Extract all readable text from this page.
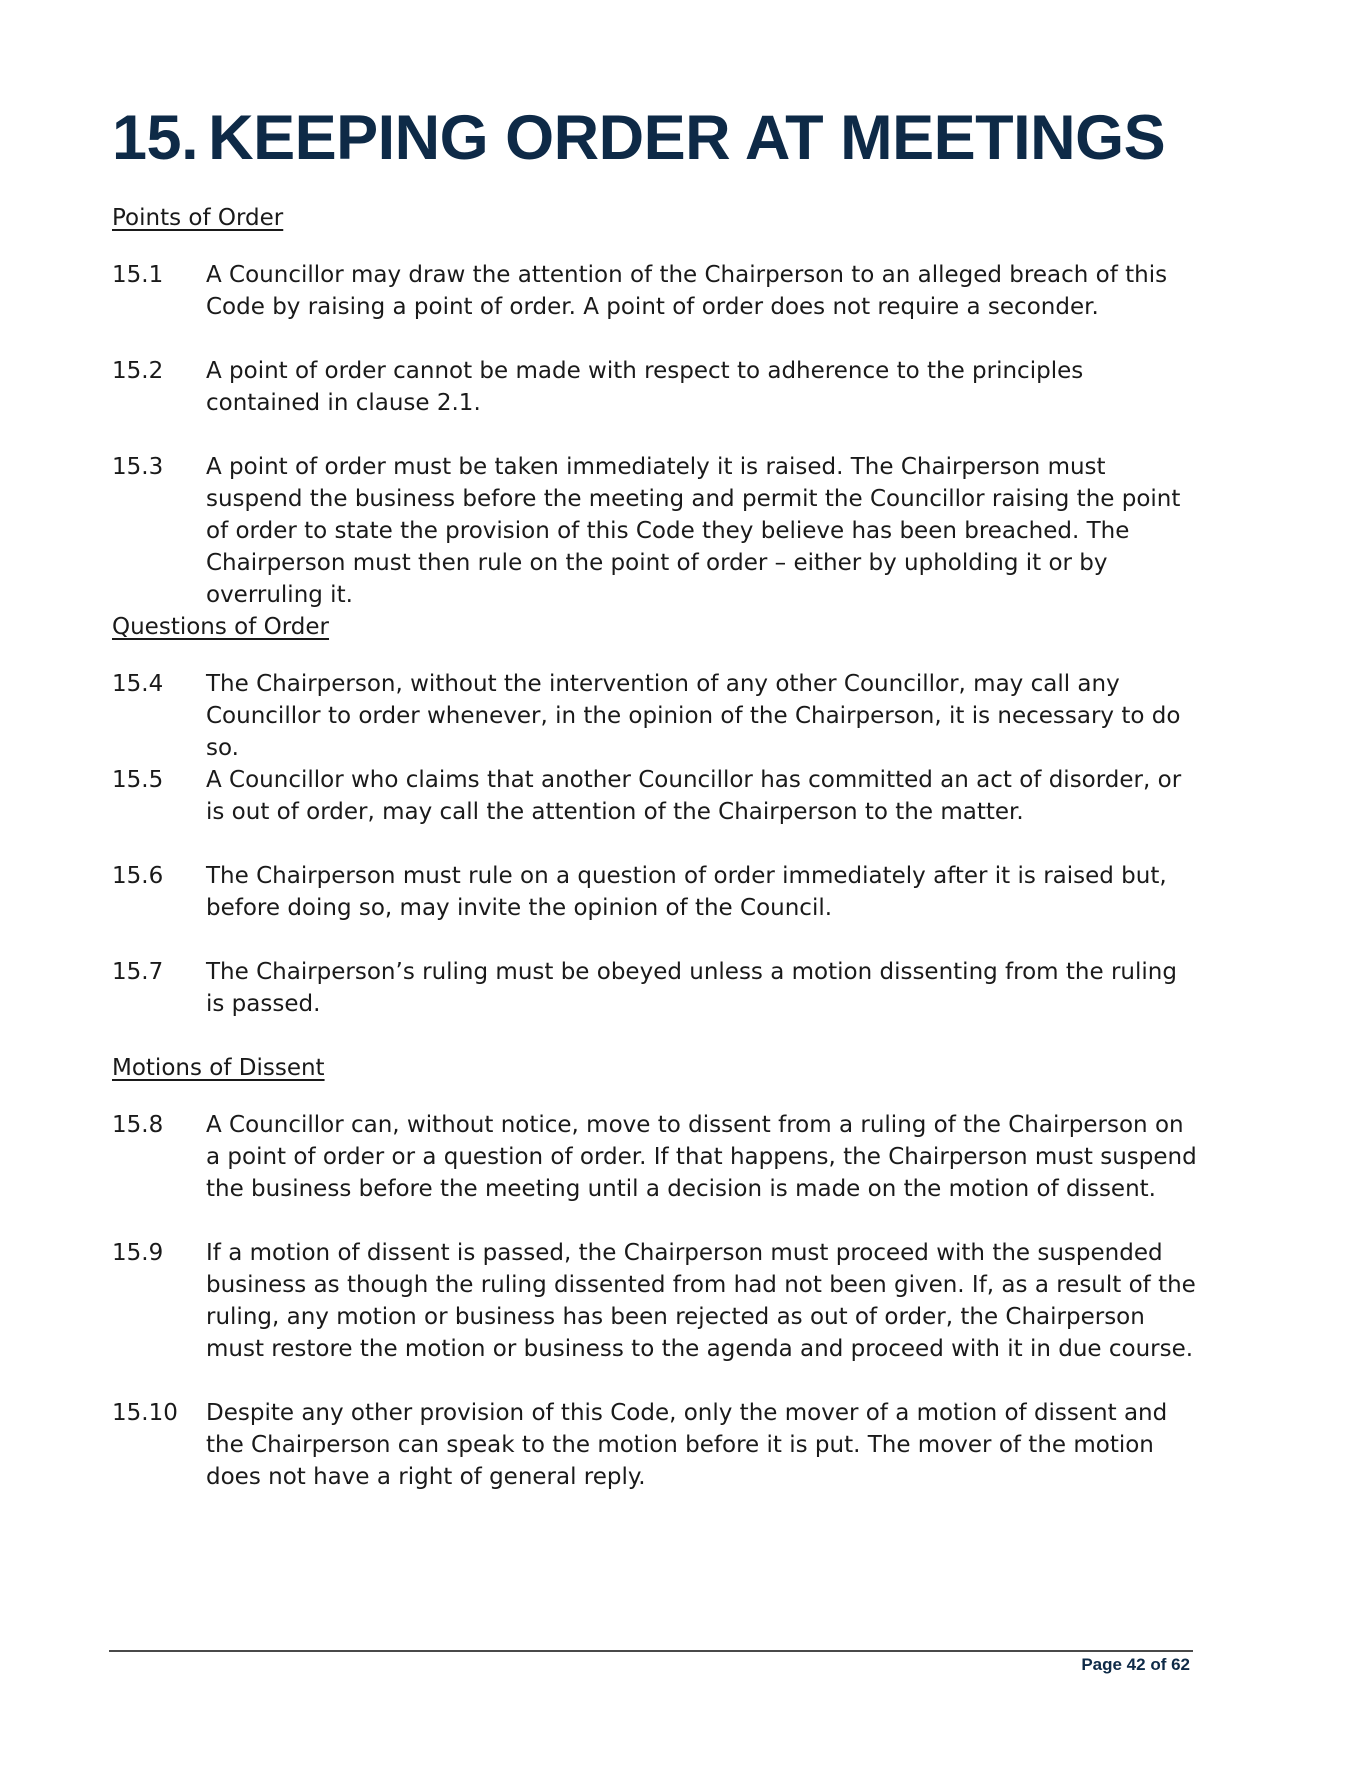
15. KEEPING ORDER AT MEETINGS
Points of Order
15.1	A Councillor may draw the attention of the Chairperson to an alleged breach of this Code by raising a point of order. A point of order does not require a seconder.
15.2	A point of order cannot be made with respect to adherence to the principles contained in clause 2.1.
15.3	A point of order must be taken immediately it is raised. The Chairperson must suspend the business before the meeting and permit the Councillor raising the point of order to state the provision of this Code they believe has been breached. The Chairperson must then rule on the point of order – either by upholding it or by overruling it.
Questions of Order
15.4	The Chairperson, without the intervention of any other Councillor, may call any Councillor to order whenever, in the opinion of the Chairperson, it is necessary to do so.
15.5	A Councillor who claims that another Councillor has committed an act of disorder, or is out of order, may call the attention of the Chairperson to the matter.
15.6	The Chairperson must rule on a question of order immediately after it is raised but, before doing so, may invite the opinion of the Council.
15.7	The Chairperson’s ruling must be obeyed unless a motion dissenting from the ruling is passed.
Motions of Dissent
15.8	A Councillor can, without notice, move to dissent from a ruling of the Chairperson on a point of order or a question of order. If that happens, the Chairperson must suspend the business before the meeting until a decision is made on the motion of dissent.
15.9	If a motion of dissent is passed, the Chairperson must proceed with the suspended business as though the ruling dissented from had not been given. If, as a result of the ruling, any motion or business has been rejected as out of order, the Chairperson must restore the motion or business to the agenda and proceed with it in due course.
15.10	Despite any other provision of this Code, only the mover of a motion of dissent and the Chairperson can speak to the motion before it is put. The mover of the motion does not have a right of general reply.
Page 42 of 62
